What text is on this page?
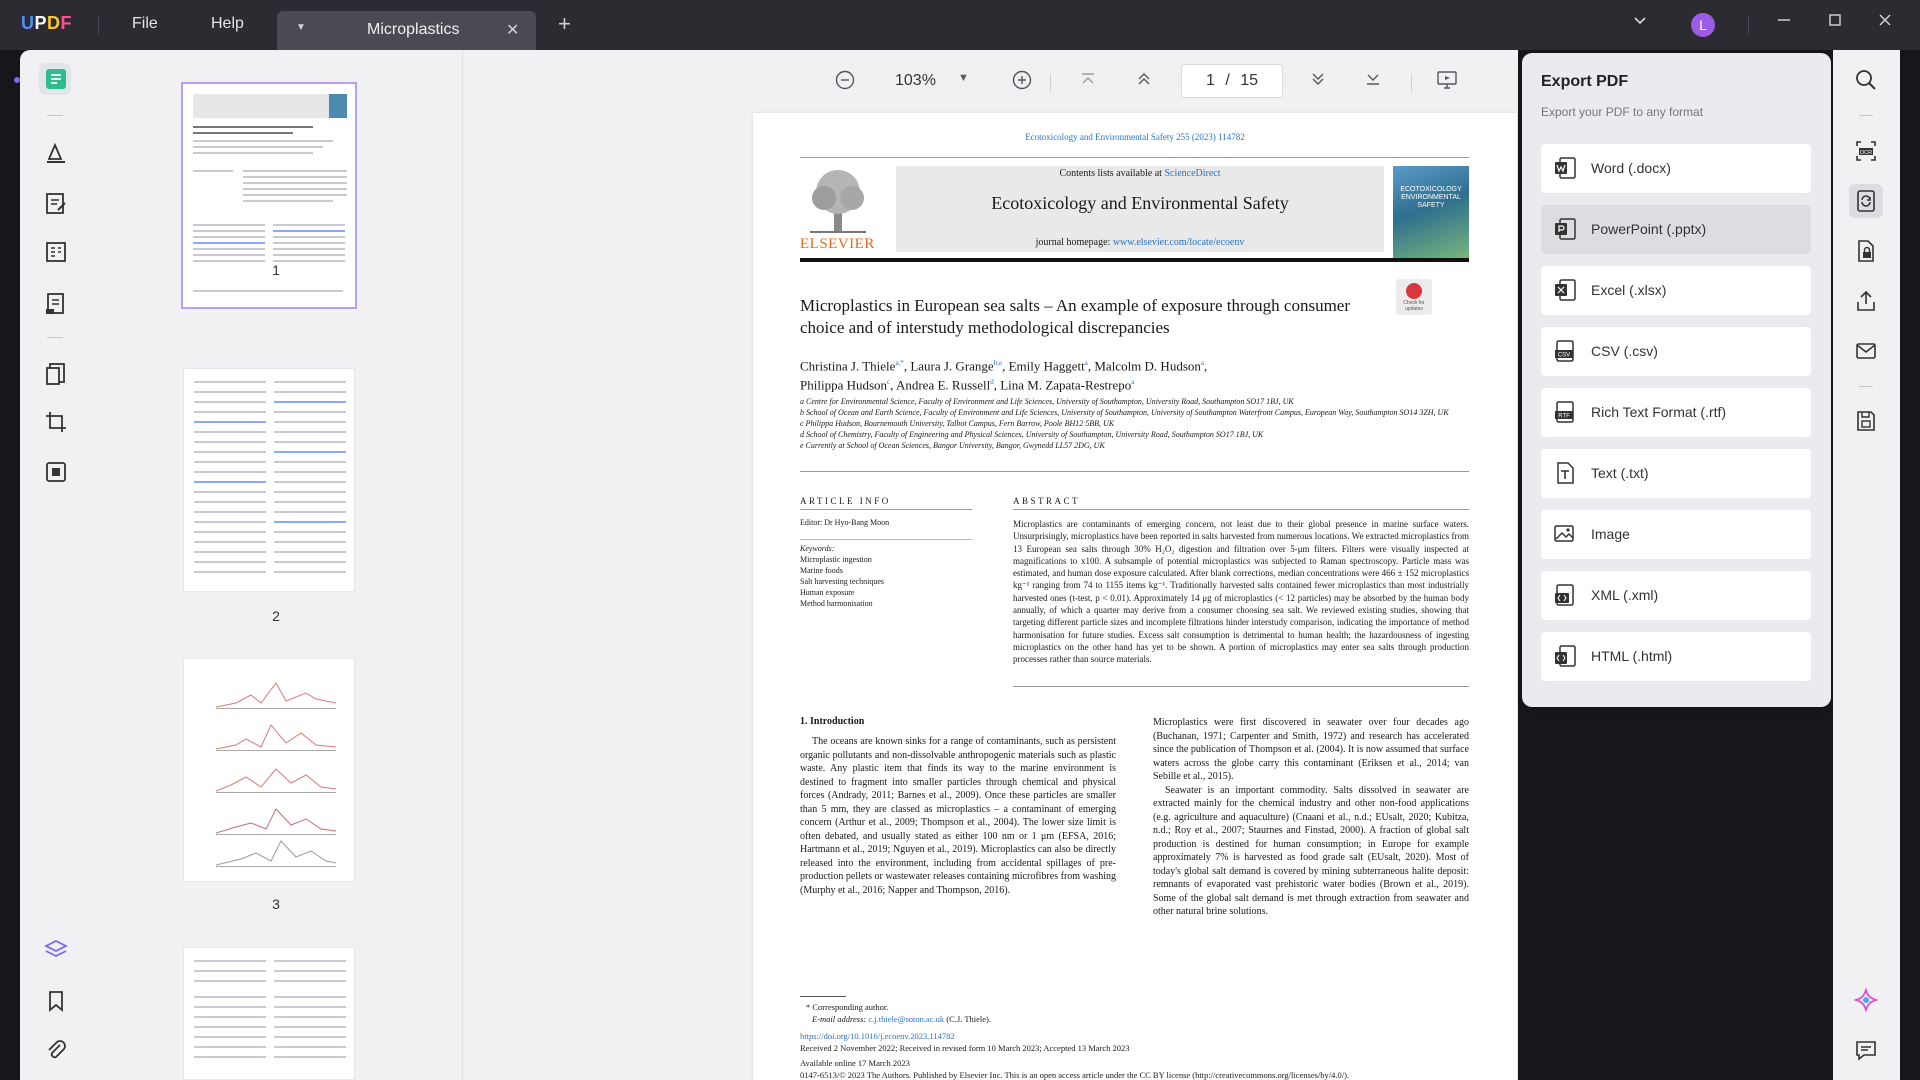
UPDF	File	Help	▼	Microplastics	✕ +	L
1
2
3
103% ▼	1 / 15
Ecotoxicology and Environmental Safety 255 (2023) 114782
ELSEVIER
Contents lists available at ScienceDirect
Ecotoxicology and Environmental Safety
journal homepage: www.elsevier.com/locate/ecoenv
ECOTOXICOLOGY ENVIRONMENTAL SAFETY
Microplastics in European sea salts – An example of exposure through consumer choice and of interstudy methodological discrepancies
Check for updates
Christina J. Thiele$^{a,*}$, Laura J. Grange$^{b,e}$, Emily Haggett$^a$, Malcolm D. Hudson$^a$,
Philippa Hudson$^c$, Andrea E. Russell$^d$, Lina M. Zapata-Restrepo$^a$
a Centre for Environmental Science, Faculty of Environment and Life Sciences, University of Southampton, University Road, Southampton SO17 1BJ, UK
b School of Ocean and Earth Science, Faculty of Environment and Life Sciences, University of Southampton, University of Southampton Waterfront Campus, European Way, Southampton SO14 3ZH, UK
c Philippa Hudson, Bournemouth University, Talbot Campus, Fern Barrow, Poole BH12 5BB, UK
d School of Chemistry, Faculty of Engineering and Physical Sciences, University of Southampton, University Road, Southampton SO17 1BJ, UK
e Currently at School of Ocean Sciences, Bangor University, Bangor, Gwynedd LL57 2DG, UK
ARTICLE INFO	ABSTRACT
Editor: Dr Hyo-Bang Moon
Keywords:
Microplastic ingestion
Marine foods
Salt harvesting techniques
Human exposure
Method harmonisation
Microplastics are contaminants of emerging concern, not least due to their global presence in marine surface waters. Unsurprisingly, microplastics have been reported in salts harvested from numerous locations. We extracted microplastics from 13 European sea salts through 30% H₂O₂ digestion and filtration over 5-μm filters. Filters were visually inspected at magnifications to x100. A subsample of potential microplastics was subjected to Raman spectroscopy. Particle mass was estimated, and human dose exposure calculated. After blank corrections, median concentrations were 466 ± 152 microplastics kg⁻¹ ranging from 74 to 1155 items kg⁻¹. Traditionally harvested salts contained fewer microplastics than most industrially harvested ones (t-test, p < 0.01). Approximately 14 μg of microplastics (< 12 particles) may be absorbed by the human body annually, of which a quarter may derive from a consumer choosing sea salt. We reviewed existing studies, showing that targeting different particle sizes and incomplete filtrations hinder interstudy comparison, indicating the importance of method harmonisation for future studies. Excess salt consumption is detrimental to human health; the hazardousness of ingesting microplastics on the other hand has yet to be shown. A portion of microplastics may enter sea salts through production processes rather than source materials.
1. Introduction
The oceans are known sinks for a range of contaminants, such as persistent organic pollutants and non-dissolvable anthropogenic materials such as plastic waste. Any plastic item that finds its way to the marine environment is destined to fragment into smaller particles through chemical and physical forces (Andrady, 2011; Barnes et al., 2009). Once these particles are smaller than 5 mm, they are classed as microplastics – a contaminant of emerging concern (Arthur et al., 2009; Thompson et al., 2004). The lower size limit is often debated, and usually stated as either 100 nm or 1 μm (EFSA, 2016; Hartmann et al., 2019; Nguyen et al., 2019). Microplastics can also be directly released into the environment, including from accidental spillages of pre-production pellets or wastewater releases containing microfibres from washing (Murphy et al., 2016; Napper and Thompson, 2016).

Microplastics were first discovered in seawater over four decades ago (Buchanan, 1971; Carpenter and Smith, 1972) and research has accelerated since the publication of Thompson et al. (2004). It is now assumed that surface waters across the globe carry this contaminant (Eriksen et al., 2014; van Sebille et al., 2015).

Seawater is an important commodity. Salts dissolved in seawater are extracted mainly for the chemical industry and other non-food applications (e.g. agriculture and aquaculture) (Cnaani et al., n.d.; EUsalt, 2020; Kubitza, n.d.; Roy et al., 2007; Staurnes and Finstad, 2000). A fraction of global salt production is destined for human consumption; in Europe for example approximately 7% is harvested as food grade salt (EUsalt, 2020). Most of today's global salt demand is covered by mining subterraneous halite deposit: remnants of evaporated vast prehistoric water bodies (Brown et al., 2019). Some of the global salt demand is met through extraction from seawater and other natural brine solutions.

* Corresponding author.
E-mail address: c.j.thiele@soton.ac.uk (C.J. Thiele).
https://doi.org/10.1016/j.ecoenv.2023.114782
Received 2 November 2022; Received in revised form 10 March 2023; Accepted 13 March 2023
Available online 17 March 2023
0147-6513/© 2023 The Authors. Published by Elsevier Inc. This is an open access article under the CC BY license (http://creativecommons.org/licenses/by/4.0/).
Export PDF
Export your PDF to any format
Word (.docx)
PowerPoint (.pptx)
Excel (.xlsx)
CSV CSV (.csv)
RTF Rich Text Format (.rtf)
Text (.txt)
Image
XML (.xml)
HTML (.html)
OCR
